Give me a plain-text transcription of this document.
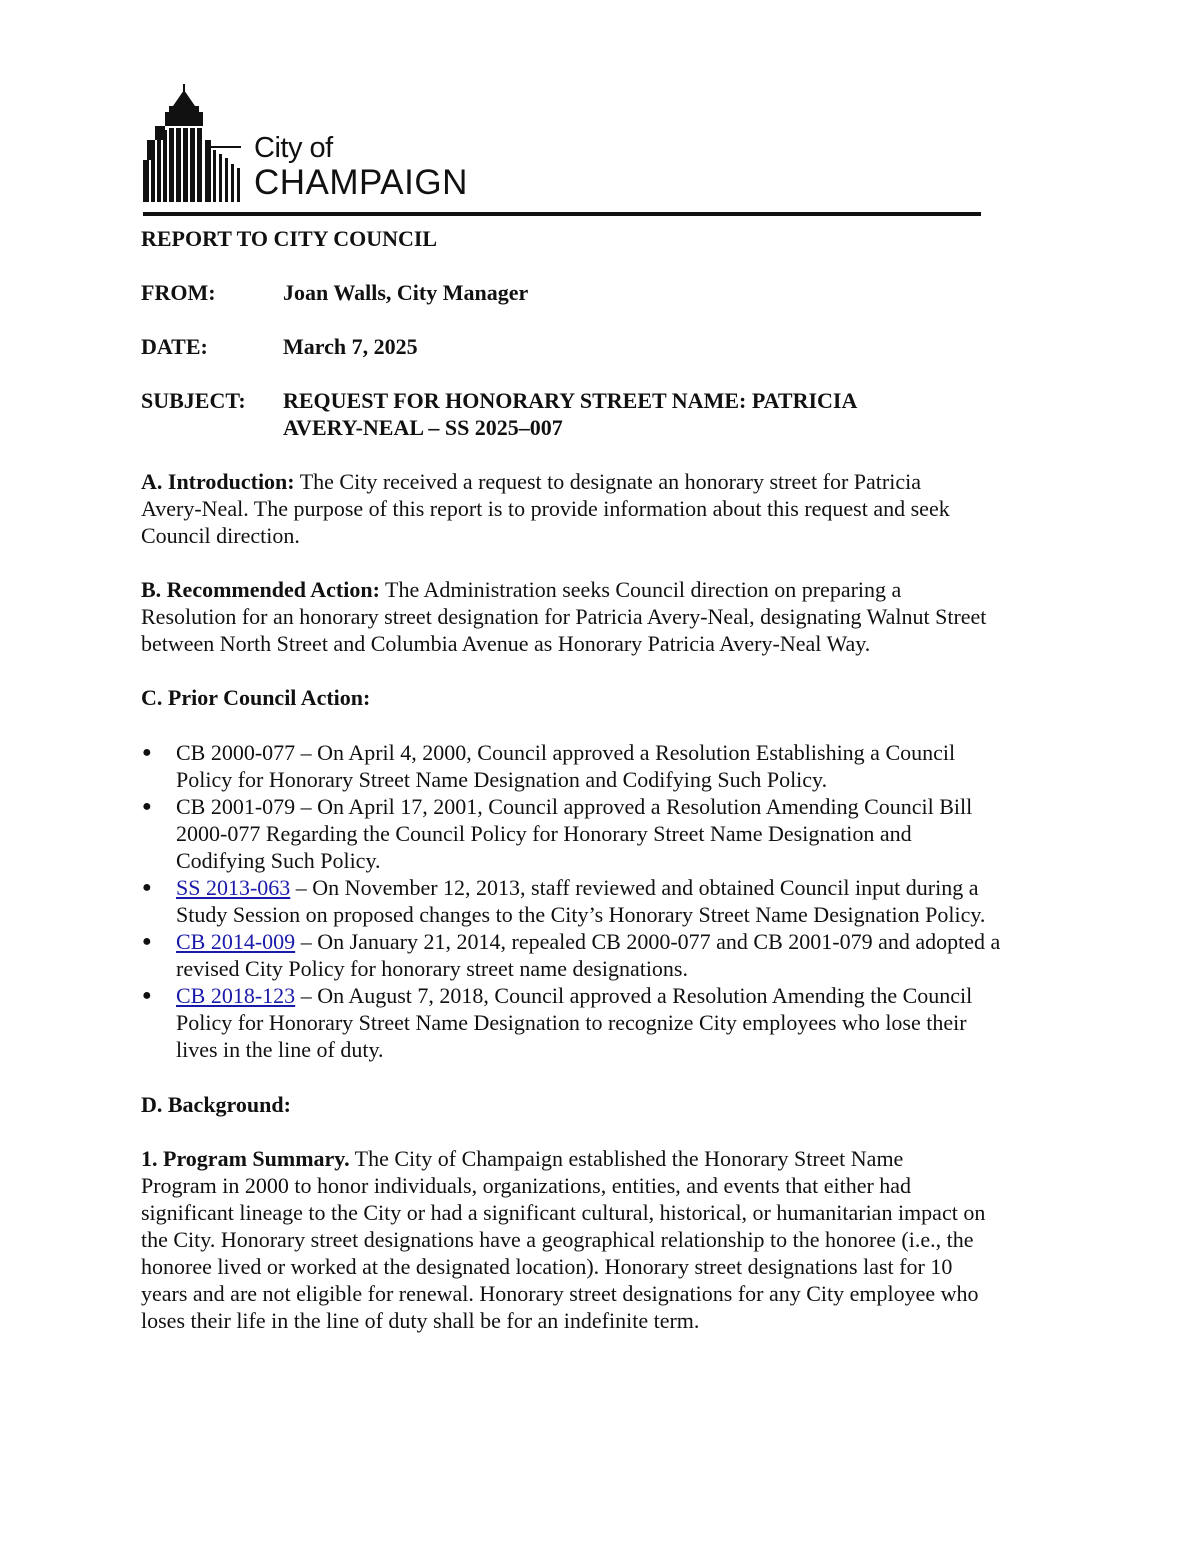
City of
CHAMPAIGN
REPORT TO CITY COUNCIL
FROM:	Joan Walls, City Manager
DATE:	March 7, 2025
SUBJECT: REQUEST FOR HONORARY STREET NAME: PATRICIA
AVERY-NEAL – SS 2025–007
A. Introduction: The City received a request to designate an honorary street for Patricia
Avery-Neal. The purpose of this report is to provide information about this request and seek
Council direction.
B. Recommended Action: The Administration seeks Council direction on preparing a
Resolution for an honorary street designation for Patricia Avery-Neal, designating Walnut Street
between North Street and Columbia Avenue as Honorary Patricia Avery-Neal Way.
C. Prior Council Action:
● CB 2000-077 – On April 4, 2000, Council approved a Resolution Establishing a Council
Policy for Honorary Street Name Designation and Codifying Such Policy.
● CB 2001-079 – On April 17, 2001, Council approved a Resolution Amending Council Bill
2000-077 Regarding the Council Policy for Honorary Street Name Designation and
Codifying Such Policy.
● SS 2013-063 – On November 12, 2013, staff reviewed and obtained Council input during a
Study Session on proposed changes to the City’s Honorary Street Name Designation Policy.
● CB 2014-009 – On January 21, 2014, repealed CB 2000-077 and CB 2001-079 and adopted a
revised City Policy for honorary street name designations.
● CB 2018-123 – On August 7, 2018, Council approved a Resolution Amending the Council
Policy for Honorary Street Name Designation to recognize City employees who lose their
lives in the line of duty.
D. Background:
1. Program Summary. The City of Champaign established the Honorary Street Name
Program in 2000 to honor individuals, organizations, entities, and events that either had
significant lineage to the City or had a significant cultural, historical, or humanitarian impact on
the City. Honorary street designations have a geographical relationship to the honoree (i.e., the
honoree lived or worked at the designated location). Honorary street designations last for 10
years and are not eligible for renewal. Honorary street designations for any City employee who
loses their life in the line of duty shall be for an indefinite term.
